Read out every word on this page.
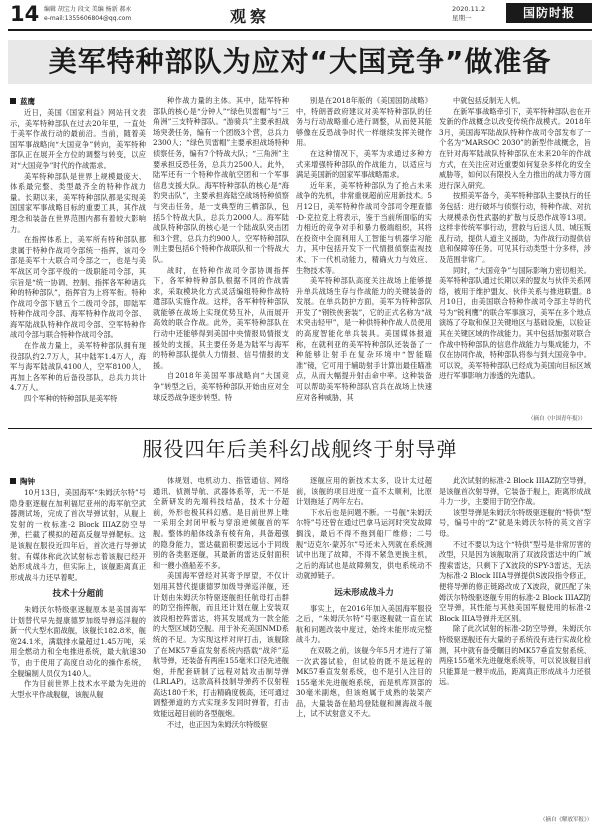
14 编辑 胡宝力 段文 美编 杨新 郝永
e-mail:1355606804@qq.com	观察	2020.11.2
星期一	国防时报
美军特种部队为应对“大国竞争”做准备
蓝鹰

近日，美国《国家利益》网站刊文表示，美军特种部队在过去20年里，一直处于美军作战行动的最前沿。当前，随着美国军事战略向“大国竞争”转向，美军特种部队正在展开全方位的调整与转变，以应对“大国竞争”时代的作战需求。

美军特种部队是世界上规模最庞大、体系最完整、类型最齐全的特种作战力量。长期以来，美军特种部队都是实现美国国家军事战略目标的重要工具，其作战理念和装备在世界范围内都有着较大影响力。

在指挥体系上，美军所有特种部队都隶属于特种作战司令部统一指挥，该司令部是美军十大联合司令部之一，也是与美军战区司令部平级的一级职能司令部，其宗旨是“统一协调、控制、指挥各军种诸兵种的特种部队”，指挥官为上将军衔。特种作战司令部下辖五个二级司令部，即陆军特种作战司令部、海军特种作战司令部、海军陆战队特种作战司令部、空军特种作战司令部与联合特种作战司令部。

在作战力量上，美军特种部队拥有现役部队约2.7万人，其中陆军1.4万人，海军与海军陆战队4100人，空军8100人，再加上各军种的后备役部队，总兵力共计4.7万人。

四个军种的特种部队是美军特

种作战力量的主体。其中，陆军特种部队的核心是“分钟人”“绿色贝雷帽”与“三角洲”三支特种部队。“游骑兵”主要承担战场突袭任务，编有一个团级3个营，总兵力2300人；“绿色贝雷帽”主要承担战场特种侦察任务，编有7个特战大队；“三角洲”主要承担反恐任务，总兵力2500人。此外，陆军还有一个特种作战航空团和一个军事信息支援大队。海军特种部队的核心是“海豹突击队”，主要承担海陆空战场特种侦察与突击任务，是一支典型的三栖部队，包括5个特战大队，总兵力2000人。海军陆战队特种部队的核心是一个陆战队突击团和3个营，总兵力约900人。空军特种部队则主要包括6个特种作战联队和一个特战大队。

战时，在特种作战司令部协调指挥下，各军种特种部队根据不同的作战需求，采取模块化方式灵活编组特种作战特遣部队实施作战。这样，各军种特种部队就能够在战场上实现优势互补，从而展开高效的联合作战。此外，美军特种部队在行动中还能够得到美国中央情报局情报支援处的支援，其主要任务是为陆军与海军的特种部队提供人力情报、信号情报的支援。

自2018年美国军事战略向“大国竞争”转型之后，美军特种部队开始由应对全球反恐战争逐步转型。特

别是在2018年版的《美国国防战略》中，特朗普政府建议对美军特种部队的任务与行动战略重心进行调整，从而使其能够像在反恐战争时代一样继续发挥关键作用。

在这种情况下，美军为求通过多种方式来增强特种部队的作战能力，以适应与满足美国新的国家军事战略需求。

近年来，美军特种部队为了抢占未来战争的先机，非常重视超前应用新技术。5月12日，美军特种作战司令部司令理查德·D·克拉克上将表示，鉴于当前所面临的实力相近的竞争对手和暴力极端组织，其将在投资中全面利用人工智能与机器学习能力，其中包括开发下一代情报侦察监视技术、下一代机动能力，精确火力与效应、生物技术等。

美军特种部队高度关注战场上能够提升单兵战场生存与作战能力的关键装备的发展。在单兵防护方面，美军为特种部队开发了“钢铁侠套装”，它的正式名称为“战术突击轻甲”，是一种供特种作战人员使用的高度智能化单兵装具。美国媒体报道称，在就利亚的美军特种部队还装备了一种能够让射手在复杂环境中“智能瞄准”镜，它可用于辅助射手计算出最佳瞄准点，从而大幅提升射击命中率。这种装备可以帮助美军特种部队官兵在战场上快速应对各种威胁，其

中就包括反制无人机。

在新军事战略牵引下，美军特种部队也在开发新的作战概念以改变传统作战模式。2018年3月，美国海军陆战队特种作战司令部发布了一个名为“MARSOC 2030”的新型作战概念，旨在针对海军陆战队特种部队在未来20年的作战方式，在关注应对近重要如何复杂多样化的安全威胁等，如何以有限投入全力推出的战力等方面进行深入研究。

按照美军备今，美军特种部队主要执行的任务包括：进行破坏与侦察行动，特种作战、对抗大规模杀伤性武器的扩散与反恐作战等13项。这样非传统军事行动，营救与后送人员、城压叛乱行动，提供人道主义援助，为作战行动提供信息和保障等任务。可见其行动类型十分多样，涉及范围非常广。

同时，“大国竞争”与国际影响力密切相关。美军特种部队通过长期以来的盟友与伙伴关系网络，被用于维护盟友、伙伴关系与推进联盟。8月10日，由美国联合特种作战司令部主导的代号为“锐利鹰”的联合军事演习，美军在多个地点演练了夺取和保卫关键地区与基础设施，以验证其在关键区域的作战能力。其中包括加强对联合作战中特种部队的信息作战能力与集成能力，不仅在协同作战，特种部队将参与到大国竞争中。可以说，美军特种部队已经成为美国向目标区域进行军事影响力渗透的先遣队。

（摘自《中国青年报》）
服役四年后美科幻战舰终于射导弹
陶钟

10月13日，美国海军“朱姆沃尔特”号隐身驱逐舰在加利福尼亚州的海军航空武器测试场，完成了首次导弹试射，从舰上发射的一枚标准-2 Block IIIAZ防空导弹，拦截了模拟的超高反舰导弹靶标。这是该舰在服役近四年后，首次进行导弹试射。有媒体称此次试射标志着该舰已经开始形成战斗力，但实际上，该舰距离真正形成战斗力还早着呢。

技术十分超前

朱姆沃尔特级驱逐舰原本是美国海军计划替代早先提康德罗加级导弹巡洋舰的新一代大型水面战舰，该舰长182.8米，舰宽24.1米，满载排水量超过1.45万吨，采用全燃动力和全电推进系统，最大航速30节，由于使用了高度自动化的操作系统，全舰编制人员仅为140人。

作为目前世界上技术水平最为先进的大型水平作战舰舰，该舰从舰

体规划、电机动力、指管通信、网络通讯、侦测导航、武器体系等，无一不是全新研发的先端科技结晶，技术十分超前，外形也极其科幻感。是目前世界上唯一采用全封闭甲板与穿浪逆倾舰首的军舰。整体的船体线条有棱有角，具备超强的隐身能力，雷达截面积要远远小于同级别的各类驱逐舰，其最新的雷达反射面积和一艘小渔船差不多。

美国海军曾经对其寄予厚望，不仅计划用其替代提康德罗加级导弹巡洋舰，还计划由朱姆沃尔特驱逐舰担任航母打击群的防空指挥舰，而且还计划在舰上安装双波段相控阵雷达，将其发展成为一款全能的大型区域防空舰。用于补充美国NMD系统的不足。为实现这样对岸打击，该舰除了在MK57垂直发射系统内搭载“战斧”巡航导弹，还装备有两座155毫米口径先进舰炮，并配套研制了远程对陆攻击制导弹(LRLAP)，这款高科技制导弹药不仅射程高达180千米，打击精确度极高，还可通过调整弹道的方式实现多发同时弹着，打击效能远超目前的各型舰炮。

不过，也正因为朱姆沃尔特级驱

逐舰应用的新技术太多，设计太过超前，该舰的项目进度一直不太顺利，比原计划拖延了两年左右。

下水后也是问题不断。一号舰“朱姆沃尔特”号还曾在通过巴拿马运河时突发故障搁浅，最后不得不拖到船厂维修；二号舰“迈克尔·蒙苏尔”号还未入列就在系统测试中出现了故障，不得不紧急更换主机，之后的海试也是故障频发，供电系统动不动就掉链子。

远未形成战斗力

事实上，在2016年加入美国海军服役之后，“朱姆沃尔特”号驱逐舰就一直在试航和问题改装中度过，始终未能形成完整战斗力。

在双吸之前，该舰今年5月才进行了第一次武器试验，但试验的既不是远程的MK57垂直发射系统，也不是引入注目的155毫米先进舰炮系统，而是机库顶部的30毫米副炮，但该炮属于成熟的装架产品，大量装备在船坞登陆舰和濒海战斗舰上，试不试射意义不大。

此次试射的标准-2 Block IIIAZ防空导弹，是该舰首次射导弹，它装备于舰上，距离形成战斗力一步，主要用于防空作战。

该型导弹是朱姆沃尔特级驱逐舰的“特供”型号，编号中的“Z”就是朱姆沃尔特的英文首字母。

不过不要以为这个“特供”型号是非常厉害的改型，只是因为该舰取消了双波段雷达中的广域搜索雷达，只剩下了X波段的SPY-3雷达，无法为标准-2 Block IIIA导弹提供S波段指令修正，便将导弹的修正链路改成了X波段，就匹配了朱姆沃尔特级驱逐舰专用的标准-2 Block IIIAZ防空导弹，其性能与其他美国军舰使用的标准-2 Block IIIA导弹并无区别。

除了此次试射的标准-2防空导弹，朱姆沃尔特级驱逐舰还有大量的子系统没有进行实战化检测，其中就有备受瞩目的MK57垂直发射系统、两座155毫米先进舰炮系统等，可以说该舰目前只能算是一艘半成品，距离真正形成战斗力还很远。

（摘自《解放军报》）
